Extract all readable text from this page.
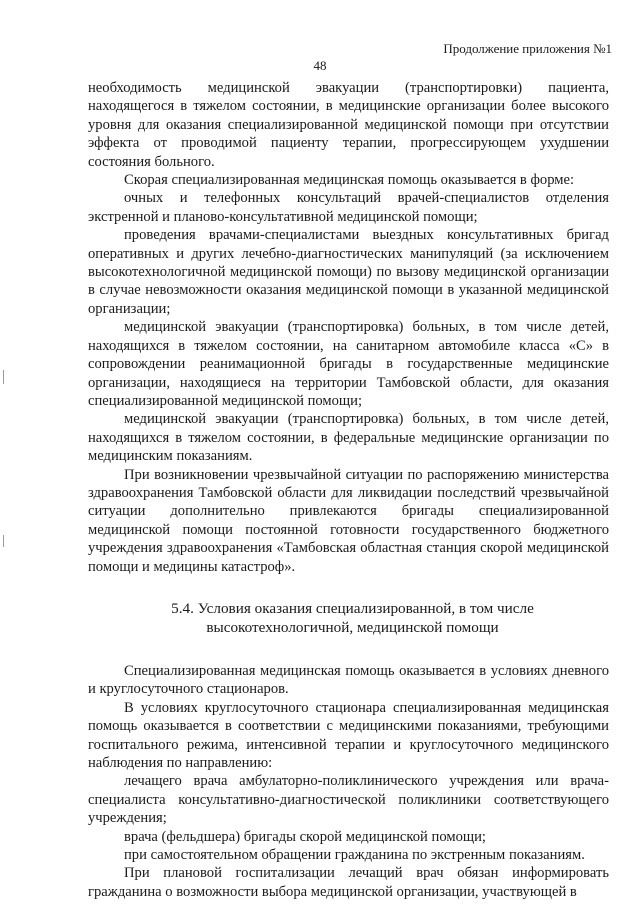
Продолжение приложения №1
48

необходимость медицинской эвакуации (транспортировки) пациента, находящегося в тяжелом состоянии, в медицинские организации более высокого уровня для оказания специализированной медицинской помощи при отсутствии эффекта от проводимой пациенту терапии, прогрессирующем ухудшении состояния больного.

Скорая специализированная медицинская помощь оказывается в форме:

очных и телефонных консультаций врачей-специалистов отделения экстренной и планово-консультативной медицинской помощи;

проведения врачами-специалистами выездных консультативных бригад оперативных и других лечебно-диагностических манипуляций (за исключением высокотехнологичной медицинской помощи) по вызову медицинской организации в случае невозможности оказания медицинской помощи в указанной медицинской организации;

медицинской эвакуации (транспортировка) больных, в том числе детей, находящихся в тяжелом состоянии, на санитарном автомобиле класса «С» в сопровождении реанимационной бригады в государственные медицинские организации, находящиеся на территории Тамбовской области, для оказания специализированной медицинской помощи;

медицинской эвакуации (транспортировка) больных, в том числе детей, находящихся в тяжелом состоянии, в федеральные медицинские организации по медицинским показаниям.

При возникновении чрезвычайной ситуации по распоряжению министерства здравоохранения Тамбовской области для ликвидации последствий чрезвычайной ситуации дополнительно привлекаются бригады специализированной медицинской помощи постоянной готовности государственного бюджетного учреждения здравоохранения «Тамбовская областная станция скорой медицинской помощи и медицины катастроф».

5.4. Условия оказания специализированной, в том числе
высокотехнологичной, медицинской помощи

Специализированная медицинская помощь оказывается в условиях дневного и круглосуточного стационаров.

В условиях круглосуточного стационара специализированная медицинская помощь оказывается в соответствии с медицинскими показаниями, требующими госпитального режима, интенсивной терапии и круглосуточного медицинского наблюдения по направлению:

лечащего врача амбулаторно-поликлинического учреждения или врача-специалиста консультативно-диагностической поликлиники соответствующего учреждения;

врача (фельдшера) бригады скорой медицинской помощи;

при самостоятельном обращении гражданина по экстренным показаниям.

При плановой госпитализации лечащий врач обязан информировать гражданина о возможности выбора медицинской организации, участвующей в
